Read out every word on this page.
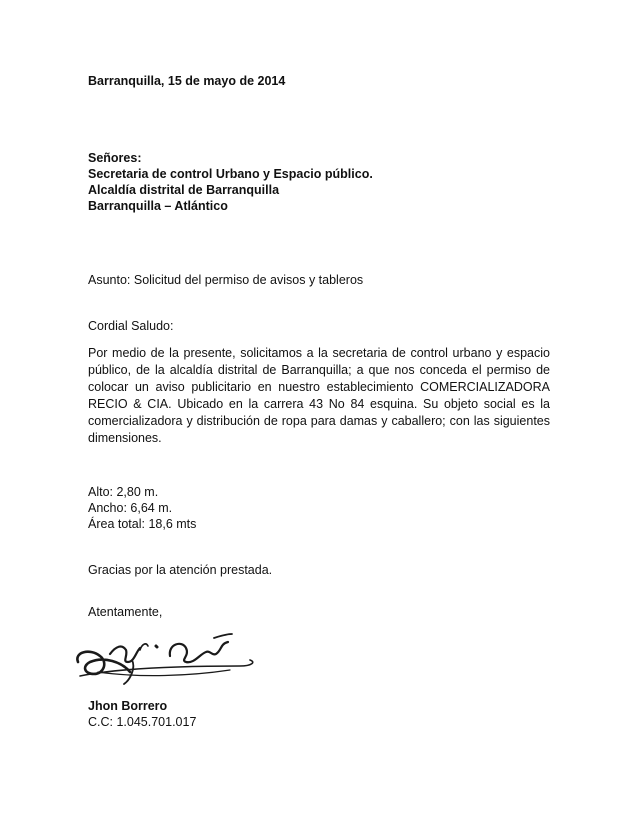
Barranquilla, 15 de mayo de 2014
Señores:
Secretaria de control Urbano y Espacio público.
Alcaldía distrital de Barranquilla
Barranquilla – Atlántico
Asunto: Solicitud del permiso de avisos y tableros
Cordial Saludo:
Por medio de la presente, solicitamos a la secretaria de control urbano y espacio público, de la alcaldía distrital de Barranquilla; a que nos conceda el permiso de colocar un aviso publicitario en nuestro establecimiento COMERCIALIZADORA RECIO & CIA. Ubicado en la carrera 43 No 84 esquina. Su objeto social es la comercializadora y distribución de ropa para damas y caballero; con las siguientes dimensiones.
Alto: 2,80 m.
Ancho: 6,64 m.
Área total: 18,6 mts
Gracias por la atención prestada.
Atentamente,
Jhon Borrero
C.C: 1.045.701.017
